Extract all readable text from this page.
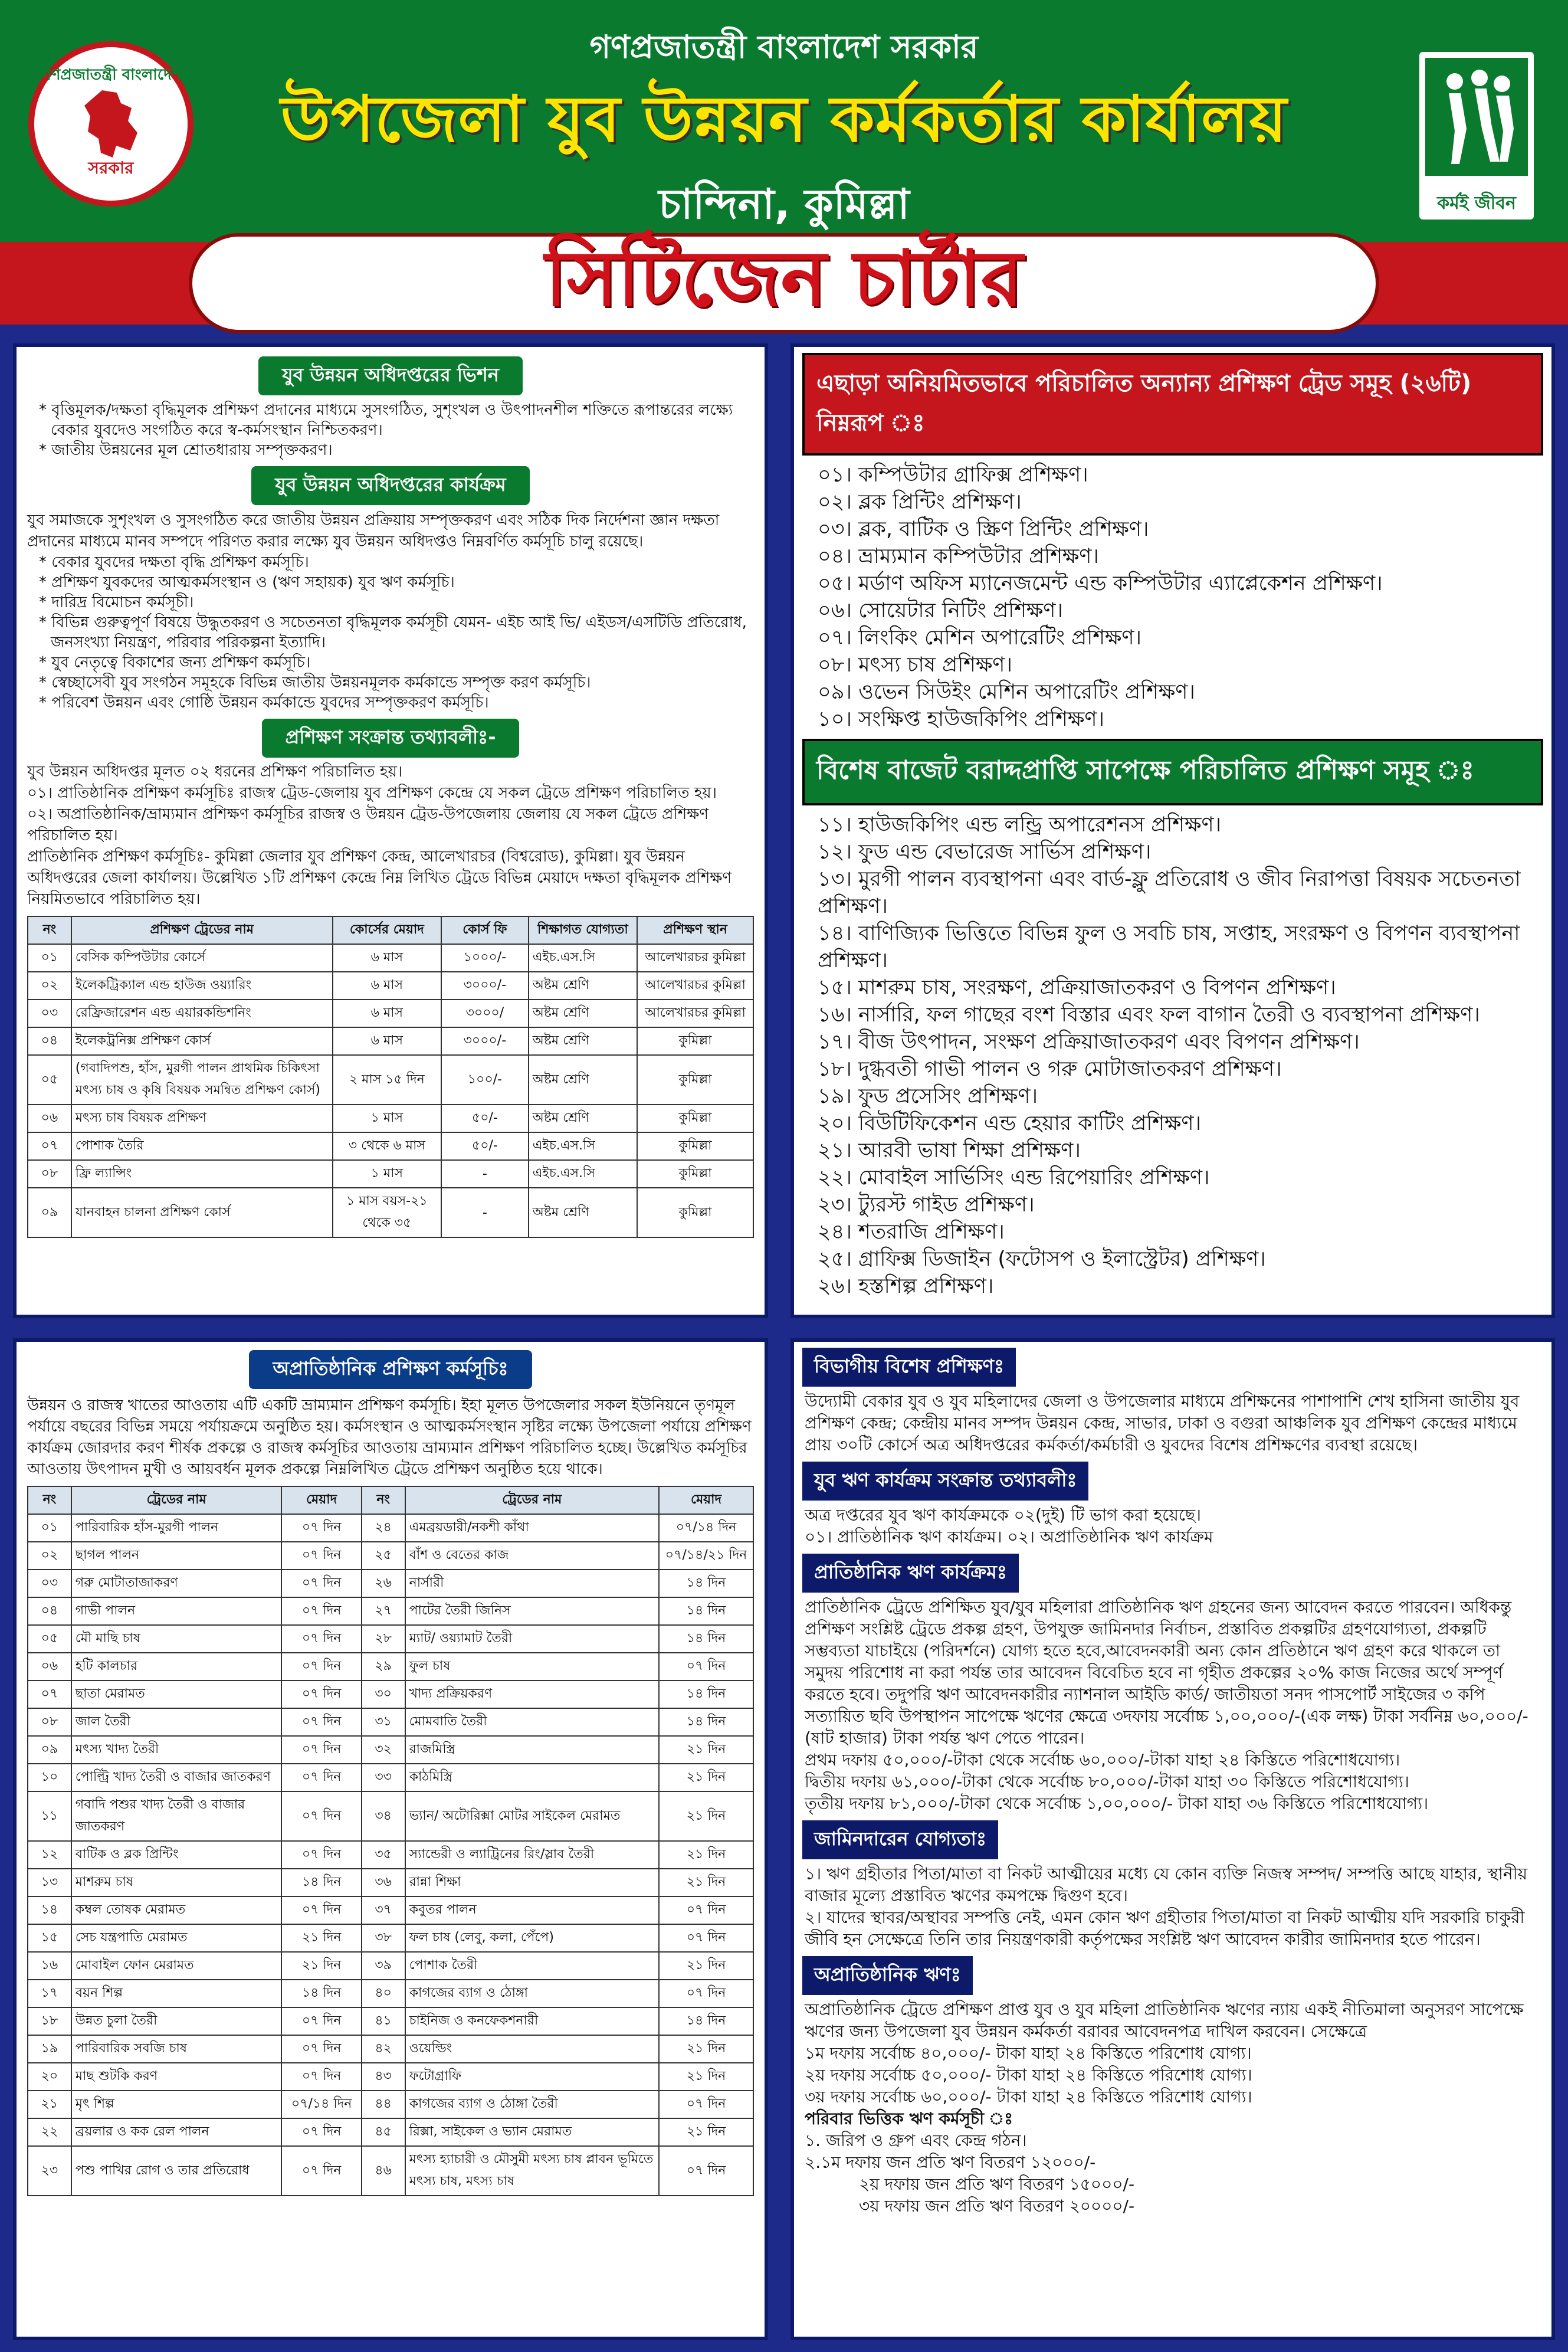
গণপ্রজাতন্ত্রী বাংলাদেশ
সরকার
গণপ্রজাতন্ত্রী বাংলাদেশ সরকার
উপজেলা যুব উন্নয়ন কর্মকর্তার কার্যালয়
চান্দিনা, কুমিল্লা	কর্মই জীবন
সিটিজেন চার্টার
যুব উন্নয়ন অধিদপ্তরের ভিশন
* বৃত্তিমূলক/দক্ষতা বৃদ্ধিমূলক প্রশিক্ষণ প্রদানের মাধ্যমে সুসংগঠিত, সুশৃংখল ও উৎপাদনশীল শক্তিতে রূপান্তরের লক্ষ্যে বেকার যুবদেও সংগঠিত করে স্ব-কর্মসংস্থান নিশ্চিতকরণ।
* জাতীয় উন্নয়নের মূল শ্রোতধারায় সম্পৃক্তকরণ।
যুব উন্নয়ন অধিদপ্তরের কার্যক্রম
যুব সমাজকে সুশৃংখল ও সুসংগঠিত করে জাতীয় উন্নয়ন প্রক্রিয়ায় সম্পৃক্তকরণ এবং সঠিক দিক নির্দেশনা জ্ঞান দক্ষতা প্রদানের মাধ্যমে মানব সম্পদে পরিণত করার লক্ষ্যে যুব উন্নয়ন অধিদপ্তও নিম্নবর্ণিত কর্মসূচি চালু রয়েছে।
* বেকার যুবদের দক্ষতা বৃদ্ধি প্রশিক্ষণ কর্মসূচি।
* প্রশিক্ষণ যুবকদের আত্মকর্মসংস্থান ও (ঋণ সহায়ক) যুব ঋণ কর্মসূচি।
* দারিদ্র বিমোচন কর্মসূচী।
* বিভিন্ন গুরুত্বপূর্ণ বিষয়ে উদ্ধুতকরণ ও সচেতনতা বৃদ্ধিমূলক কর্মসূচী যেমন- এইচ আই ভি/ এইডস/এসটিডি প্রতিরোধ, জনসংখ্যা নিয়ন্ত্রণ, পরিবার পরিকল্পনা ইত্যাদি।
* যুব নেতৃত্বে বিকাশের জন্য প্রশিক্ষণ কর্মসূচি।
* স্বেচ্ছাসেবী যুব সংগঠন সমূহকে বিভিন্ন জাতীয় উন্নয়নমূলক কর্মকান্ডে সম্পৃক্ত করণ কর্মসূচি।
* পরিবেশ উন্নয়ন এবং গোষ্ঠি উন্নয়ন কর্মকান্ডে যুবদের সম্পৃক্তকরণ কর্মসূচি।
প্রশিক্ষণ সংক্রান্ত তথ্যাবলীঃ-
যুব উন্নয়ন অধিদপ্তর মূলত ০২ ধরনের প্রশিক্ষণ পরিচালিত হয়।
০১। প্রাতিষ্ঠানিক প্রশিক্ষণ কর্মসূচিঃ রাজস্ব ট্রেড-জেলায় যুব প্রশিক্ষণ কেন্দ্রে যে সকল ট্রেডে প্রশিক্ষণ পরিচালিত হয়।
০২। অপ্রাতিষ্ঠানিক/ভ্রাম্যমান প্রশিক্ষণ কর্মসূচির রাজস্ব ও উন্নয়ন ট্রেড-উপজেলায় জেলায় যে সকল ট্রেডে প্রশিক্ষণ পরিচালিত হয়।
প্রাতিষ্ঠানিক প্রশিক্ষণ কর্মসূচিঃ- কুমিল্লা জেলার যুব প্রশিক্ষণ কেন্দ্র, আলেখারচর (বিশ্বরোড), কুমিল্লা। যুব উন্নয়ন অধিদপ্তরের জেলা কার্যালয়। উল্লেখিত ১টি প্রশিক্ষণ কেন্দ্রে নিম্ন লিখিত ট্রেডে বিভিন্ন মেয়াদে দক্ষতা বৃদ্ধিমূলক প্রশিক্ষণ নিয়মিতভাবে পরিচালিত হয়।
নং	প্রশিক্ষণ ট্রেডের নাম	কোর্সের মেয়াদ	কোর্স ফি	শিক্ষাগত যোগ্যতা	প্রশিক্ষণ স্থান
০১	বেসিক কম্পিউটার কোর্সে	৬ মাস	১০০০/-	এইচ.এস.সি	আলেখারচর কুমিল্লা
০২	ইলেকট্রিক্যাল এন্ড হাউজ ওয়্যারিং	৬ মাস	৩০০০/-	অষ্টম শ্রেণি	আলেখারচর কুমিল্লা
০৩	রেফ্রিজারেশন এন্ড এয়ারকন্ডিশনিং	৬ মাস	৩০০০/	অষ্টম শ্রেণি	আলেখারচর কুমিল্লা
০৪	ইলেকট্রনিক্স প্রশিক্ষণ কোর্স	৬ মাস	৩০০০/-	অষ্টম শ্রেণি	কুমিল্লা
০৫	(গবাদিপশু, হাঁস, মুরগী পালন প্রাথমিক চিকিৎসা মৎস্য চাষ ও কৃষি বিষয়ক সমন্বিত প্রশিক্ষণ কোর্স)	২ মাস ১৫ দিন	১০০/-	অষ্টম শ্রেণি	কুমিল্লা
০৬	মৎস্য চাষ বিষয়ক প্রশিক্ষণ	১ মাস	৫০/-	অষ্টম শ্রেণি	কুমিল্লা
০৭	পোশাক তৈরি	৩ থেকে ৬ মাস	৫০/-	এইচ.এস.সি	কুমিল্লা
০৮	ফ্রি ল্যান্সিং	১ মাস	-	এইচ.এস.সি	কুমিল্লা
০৯	যানবাহন চালনা প্রশিক্ষণ কোর্স	১ মাস বয়স-২১ থেকে ৩৫	-	অষ্টম শ্রেণি	কুমিল্লা
এছাড়া অনিয়মিতভাবে পরিচালিত অন্যান্য প্রশিক্ষণ ট্রেড সমূহ (২৬টি) নিম্নরূপ ঃ
০১। কম্পিউটার গ্রাফিক্স প্রশিক্ষণ।
০২। ব্লক প্রিন্টিং প্রশিক্ষণ।
০৩। ব্লক, বাটিক ও স্ক্রিণ প্রিন্টিং প্রশিক্ষণ।
০৪। ভ্রাম্যমান কম্পিউটার প্রশিক্ষণ।
০৫। মর্ডাণ অফিস ম্যানেজমেন্ট এন্ড কম্পিউটার এ্যাপ্লেকেশন প্রশিক্ষণ।
০৬। সোয়েটার নিটিং প্রশিক্ষণ।
০৭। লিংকিং মেশিন অপারেটিং প্রশিক্ষণ।
০৮। মৎস্য চাষ প্রশিক্ষণ।
০৯। ওভেন সিউইং মেশিন অপারেটিং প্রশিক্ষণ।
১০। সংক্ষিপ্ত হাউজকিপিং প্রশিক্ষণ।
বিশেষ বাজেট বরাদ্দপ্রাপ্তি সাপেক্ষে পরিচালিত প্রশিক্ষণ সমূহ ঃ
১১। হাউজকিপিং এন্ড লন্ড্রি অপারেশনস প্রশিক্ষণ।
১২। ফুড এন্ড বেভারেজ সার্ভিস প্রশিক্ষণ।
১৩। মুরগী পালন ব্যবস্থাপনা এবং বার্ড-ফ্লু প্রতিরোধ ও জীব নিরাপত্তা বিষয়ক সচেতনতা প্রশিক্ষণ।
১৪। বাণিজ্যিক ভিত্তিতে বিভিন্ন ফুল ও সবচি চাষ, সপ্তাহ, সংরক্ষণ ও বিপণন ব্যবস্থাপনা প্রশিক্ষণ।
১৫। মাশরুম চাষ, সংরক্ষণ, প্রক্রিয়াজাতকরণ ও বিপণন প্রশিক্ষণ।
১৬। নার্সারি, ফল গাছের বংশ বিস্তার এবং ফল বাগান তৈরী ও ব্যবস্থাপনা প্রশিক্ষণ।
১৭। বীজ উৎপাদন, সংক্ষণ প্রক্রিয়াজাতকরণ এবং বিপণন প্রশিক্ষণ।
১৮। দুগ্ধবতী গাভী পালন ও গরু মোটাজাতকরণ প্রশিক্ষণ।
১৯। ফুড প্রসেসিং প্রশিক্ষণ।
২০। বিউটিফিকেশন এন্ড হেয়ার কাটিং প্রশিক্ষণ।
২১। আরবী ভাষা শিক্ষা প্রশিক্ষণ।
২২। মোবাইল সার্ভিসিং এন্ড রিপেয়ারিং প্রশিক্ষণ।
২৩। ট্যুরস্ট গাইড প্রশিক্ষণ।
২৪। শতরাজি প্রশিক্ষণ।
২৫। গ্রাফিক্স ডিজাইন (ফটোসপ ও ইলাস্ট্রেটর) প্রশিক্ষণ।
২৬। হস্তশিল্প প্রশিক্ষণ।
অপ্রাতিষ্ঠানিক প্রশিক্ষণ কর্মসূচিঃ
উন্নয়ন ও রাজস্ব খাতের আওতায় এটি একটি ভ্রাম্যমান প্রশিক্ষণ কর্মসূচি। ইহা মূলত উপজেলার সকল ইউনিয়নে তৃণমূল পর্যায়ে বছরের বিভিন্ন সময়ে পর্যায়ক্রমে অনুষ্ঠিত হয়। কর্মসংস্থান ও আত্মকর্মসংস্থান সৃষ্টির লক্ষ্যে উপজেলা পর্যায়ে প্রশিক্ষণ কার্যক্রম জোরদার করণ শীর্ষক প্রকল্পে ও রাজস্ব কর্মসূচির আওতায় ভ্রাম্যমান প্রশিক্ষণ পরিচালিত হচ্ছে। উল্লেখিত কর্মসূচির আওতায় উৎপাদন মুখী ও আয়বর্ধন মূলক প্রকল্পে নিম্নলিখিত ট্রেডে প্রশিক্ষণ অনুষ্ঠিত হয়ে থাকে।
নং	ট্রেডের নাম	মেয়াদ	নং	ট্রেডের নাম	মেয়াদ
০১	পারিবারিক হাঁস-মুরগী পালন	০৭ দিন	২৪	এমব্রয়ডারী/নকশী কাঁথা	০৭/১৪ দিন
০২	ছাগল পালন	০৭ দিন	২৫	বাঁশ ও বেতের কাজ	০৭/১৪/২১ দিন
০৩	গরু মোটাতাজাকরণ	০৭ দিন	২৬	নার্সারী	১৪ দিন
০৪	গাভী পালন	০৭ দিন	২৭	পাটের তৈরী জিনিস	১৪ দিন
০৫	মৌ মাছি চাষ	০৭ দিন	২৮	ম্যাট/ ওয়্যামাট তৈরী	১৪ দিন
০৬	হটি কালচার	০৭ দিন	২৯	ফুল চাষ	০৭ দিন
০৭	ছাতা মেরামত	০৭ দিন	৩০	খাদ্য প্রক্রিয়করণ	১৪ দিন
০৮	জাল তৈরী	০৭ দিন	৩১	মোমবাতি তৈরী	১৪ দিন
০৯	মৎস্য খাদ্য তৈরী	০৭ দিন	৩২	রাজমিস্ত্রি	২১ দিন
১০	পোল্ট্রি খাদ্য তৈরী ও বাজার জাতকরণ	০৭ দিন	৩৩	কাঠমিস্ত্রি	২১ দিন
১১	গবাদি পশুর খাদ্য তৈরী ও বাজার জাতকরণ	০৭ দিন	৩৪	ভ্যান/ অটোরিক্সা মোটর সাইকেল মেরামত	২১ দিন
১২	বাটিক ও ব্লক প্রিন্টিং	০৭ দিন	৩৫	স্যান্ডেরী ও ল্যাট্রিনের রিং/স্লাব তৈরী	২১ দিন
১৩	মাশরুম চাষ	১৪ দিন	৩৬	রান্না শিক্ষা	২১ দিন
১৪	কম্বল তোষক মেরামত	০৭ দিন	৩৭	কবুতর পালন	০৭ দিন
১৫	সেচ যন্ত্রপাতি মেরামত	২১ দিন	৩৮	ফল চাষ (লেবু, কলা, পেঁপে)	০৭ দিন
১৬	মোবাইল ফোন মেরামত	২১ দিন	৩৯	পোশাক তৈরী	২১ দিন
১৭	বয়ন শিল্প	১৪ দিন	৪০	কাগজের ব্যাগ ও ঠোঙ্গা	০৭ দিন
১৮	উন্নত চুলা তৈরী	০৭ দিন	৪১	চাইনিজ ও কনফেকশনারী	১৪ দিন
১৯	পারিবারিক সবজি চাষ	০৭ দিন	৪২	ওয়েল্ডিং	২১ দিন
২০	মাছ শুটকি করণ	০৭ দিন	৪৩	ফটোগ্রাফি	২১ দিন
২১	মৃৎ শিল্প	০৭/১৪ দিন	৪৪	কাগজের ব্যাগ ও ঠোঙ্গা তৈরী	০৭ দিন
২২	ব্রয়লার ও কক রেল পালন	০৭ দিন	৪৫	রিক্সা, সাইকেল ও ভ্যান মেরামত	২১ দিন
২৩	পশু পাখির রোগ ও তার প্রতিরোধ	০৭ দিন	৪৬	মৎস্য হ্যাচারী ও মৌসুমী মৎস্য চাষ প্লাবন ভূমিতে মৎস্য চাষ, মৎস্য চাষ	০৭ দিন
বিভাগীয় বিশেষ প্রশিক্ষণঃ
উদ্যোমী বেকার যুব ও যুব মহিলাদের জেলা ও উপজেলার মাধ্যমে প্রশিক্ষনের পাশাপাশি শেখ হাসিনা জাতীয় যুব প্রশিক্ষণ কেন্দ্র; কেন্দ্রীয় মানব সম্পদ উন্নয়ন কেন্দ্র, সাভার, ঢাকা ও বগুরা আঞ্চলিক যুব প্রশিক্ষণ কেন্দ্রের মাধ্যমে প্রায় ৩০টি কোর্সে অত্র অধিদপ্তরের কর্মকর্তা/কর্মচারী ও যুবদের বিশেষ প্রশিক্ষণের ব্যবস্থা রয়েছে।
যুব ঋণ কার্যক্রম সংক্রান্ত তথ্যাবলীঃ
অত্র দপ্তরের যুব ঋণ কার্যক্রমকে ০২(দুই) টি ভাগ করা হয়েছে।
০১। প্রাতিষ্ঠানিক ঋণ কার্যক্রম। ০২। অপ্রাতিষ্ঠানিক ঋণ কার্যক্রম
প্রাতিষ্ঠানিক ঋণ কার্যক্রমঃ
প্রাতিষ্ঠানিক ট্রেডে প্রশিক্ষিত যুব/যুব মহিলারা প্রাতিষ্ঠানিক ঋণ গ্রহনের জন্য আবেদন করতে পারবেন। অধিকন্তু প্রশিক্ষণ সংশ্লিষ্ট ট্রেডে প্রকল্প গ্রহণ, উপযুক্ত জামিনদার নির্বাচন, প্রস্তাবিত প্রকল্পটির গ্রহণযোগ্যতা, প্রকল্পটি সম্ভব্যতা যাচাইয়ে (পরিদর্শনে) যোগ্য হতে হবে,আবেদনকারী অন্য কোন প্রতিষ্ঠানে ঋণ গ্রহণ করে থাকলে তা সমুদয় পরিশোধ না করা পর্যন্ত তার আবেদন বিবেচিত হবে না গৃহীত প্রকল্পের ২০% কাজ নিজের অর্থে সম্পূর্ণ করতে হবে। তদুপরি ঋণ আবেদনকারীর ন্যাশনাল আইডি কার্ড/ জাতীয়তা সনদ পাসপোর্ট সাইজের ৩ কপি সত্যায়িত ছবি উপস্থাপন সাপেক্ষে ঋণের ক্ষেত্রে ৩দফায় সর্বোচ্চ ১,০০,০০০/-(এক লক্ষ) টাকা সর্বনিম্ন ৬০,০০০/- (ষাট হাজার) টাকা পর্যন্ত ঋণ পেতে পারেন।
প্রথম দফায় ৫০,০০০/-টাকা থেকে সর্বোচ্চ ৬০,০০০/-টাকা যাহা ২৪ কিস্তিতে পরিশোধযোগ্য।
দ্বিতীয় দফায় ৬১,০০০/-টাকা থেকে সর্বোচ্চ ৮০,০০০/-টাকা যাহা ৩০ কিস্তিতে পরিশোধযোগ্য।
তৃতীয় দফায় ৮১,০০০/-টাকা থেকে সর্বোচ্চ ১,০০,০০০/- টাকা যাহা ৩৬ কিস্তিতে পরিশোধযোগ্য।
জামিনদারেন যোগ্যতাঃ
১। ঋণ গ্রহীতার পিতা/মাতা বা নিকট আত্মীয়ের মধ্যে যে কোন ব্যক্তি নিজস্ব সম্পদ/ সম্পত্তি আছে যাহার, স্থানীয় বাজার মূল্যে প্রস্তাবিত ঋণের কমপক্ষে দ্বিগুণ হবে।
২। যাদের স্থাবর/অস্থাবর সম্পত্তি নেই, এমন কোন ঋণ গ্রহীতার পিতা/মাতা বা নিকট আত্মীয় যদি সরকারি চাকুরী জীবি হন সেক্ষেত্রে তিনি তার নিয়ন্ত্রণকারী কর্তৃপক্ষের সংশ্লিষ্ট ঋণ আবেদন কারীর জামিনদার হতে পারেন।
অপ্রাতিষ্ঠানিক ঋণঃ
অপ্রাতিষ্ঠানিক ট্রেডে প্রশিক্ষণ প্রাপ্ত যুব ও যুব মহিলা প্রাতিষ্ঠানিক ঋণের ন্যায় একই নীতিমালা অনুসরণ সাপেক্ষে ঋণের জন্য উপজেলা যুব উন্নয়ন কর্মকর্তা বরাবর আবেদনপত্র দাখিল করবেন। সেক্ষেত্রে
১ম দফায় সর্বোচ্চ ৪০,০০০/- টাকা যাহা ২৪ কিস্তিতে পরিশোধ যোগ্য।
২য় দফায় সর্বোচ্চ ৫০,০০০/- টাকা যাহা ২৪ কিস্তিতে পরিশোধ যোগ্য।
৩য় দফায় সর্বোচ্চ ৬০,০০০/- টাকা যাহা ২৪ কিস্তিতে পরিশোধ যোগ্য।
পরিবার ভিত্তিক ঋণ কর্মসূচী ঃ
১. জরিপ ও গ্রুপ এবং কেন্দ্র গঠন।
২.১ম দফায় জন প্রতি ঋণ বিতরণ ১২০০০/-
২য় দফায় জন প্রতি ঋণ বিতরণ ১৫০০০/-
৩য় দফায় জন প্রতি ঋণ বিতরণ ২০০০০/-
